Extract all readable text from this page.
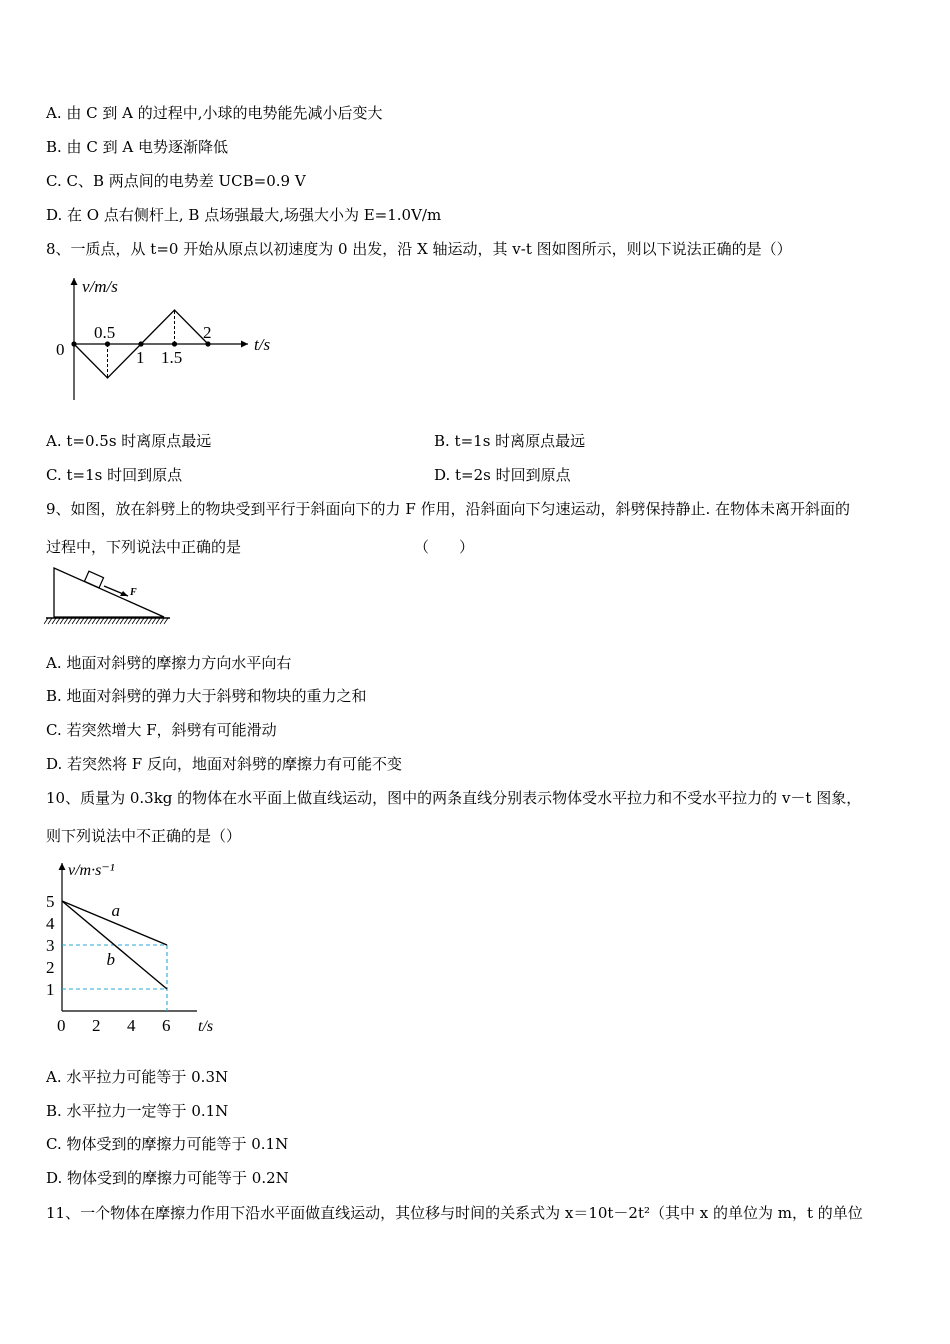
A. 由 C 到 A 的过程中,小球的电势能先减小后变大
B. 由 C 到 A 电势逐渐降低
C. C、B 两点间的电势差 UCB=0.9 V
D. 在 O 点右侧杆上, B 点场强最大,场强大小为 E=1.0V/m
8、一质点，从 t=0 开始从原点以初速度为 0 出发，沿 X 轴运动，其 v-t 图如图所示，则以下说法正确的是（）
v/m/s
t/s
0
0.5
1 1.5
2
A. t=0.5s 时离原点最远	B. t=1s 时离原点最远
C. t=1s 时回到原点	D. t=2s 时回到原点
9、如图，放在斜劈上的物块受到平行于斜面向下的力 F 作用，沿斜面向下匀速运动，斜劈保持静止. 在物体未离开斜面的
过程中，下列说法中正确的是	（　　）
F
A. 地面对斜劈的摩擦力方向水平向右
B. 地面对斜劈的弹力大于斜劈和物块的重力之和
C. 若突然增大 F，斜劈有可能滑动
D. 若突然将 F 反向，地面对斜劈的摩擦力有可能不变
10、质量为 0.3kg 的物体在水平面上做直线运动，图中的两条直线分别表示物体受水平拉力和不受水平拉力的 v－t 图象，
则下列说法中不正确的是（）
v/m·s⁻¹
t/s
a
b
1
2
3
4
5
0 2 4 6
A. 水平拉力可能等于 0.3N
B. 水平拉力一定等于 0.1N
C. 物体受到的摩擦力可能等于 0.1N
D. 物体受到的摩擦力可能等于 0.2N
11、一个物体在摩擦力作用下沿水平面做直线运动，其位移与时间的关系式为 x＝10t－2t²（其中 x 的单位为 m，t 的单位
